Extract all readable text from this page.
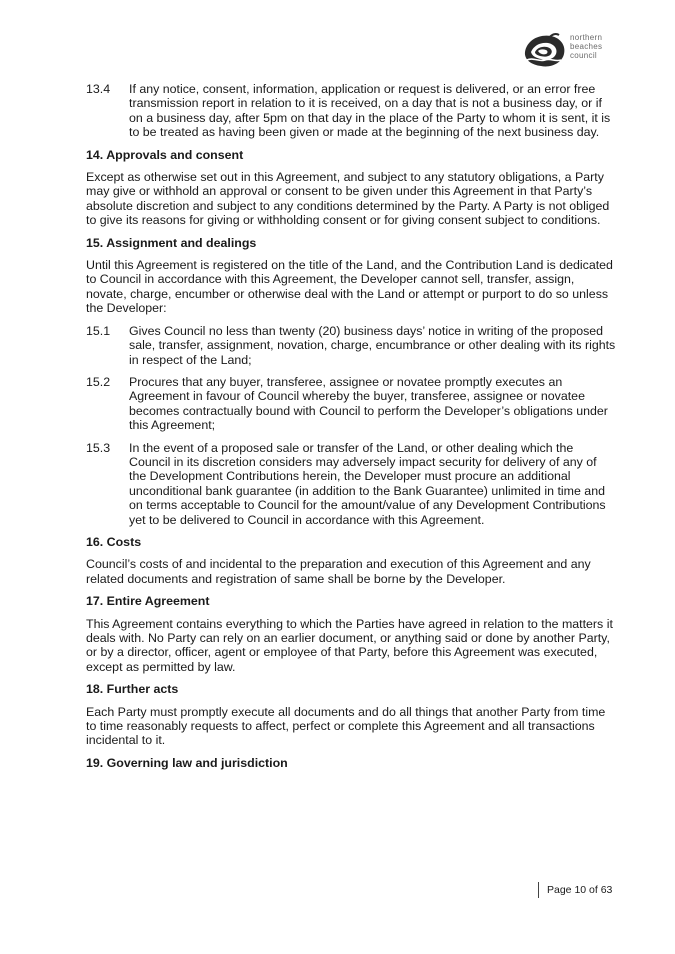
northern
beaches
council
13.4	If any notice, consent, information, application or request is delivered, or an error free transmission report in relation to it is received, on a day that is not a business day, or if on a business day, after 5pm on that day in the place of the Party to whom it is sent, it is to be treated as having been given or made at the beginning of the next business day.
14. Approvals and consent

Except as otherwise set out in this Agreement, and subject to any statutory obligations, a Party may give or withhold an approval or consent to be given under this Agreement in that Party’s absolute discretion and subject to any conditions determined by the Party. A Party is not obliged to give its reasons for giving or withholding consent or for giving consent subject to conditions.

15. Assignment and dealings

Until this Agreement is registered on the title of the Land, and the Contribution Land is dedicated to Council in accordance with this Agreement, the Developer cannot sell, transfer, assign, novate, charge, encumber or otherwise deal with the Land or attempt or purport to do so unless the Developer:

15.1	Gives Council no less than twenty (20) business days’ notice in writing of the proposed sale, transfer, assignment, novation, charge, encumbrance or other dealing with its rights in respect of the Land;
15.2	Procures that any buyer, transferee, assignee or novatee promptly executes an Agreement in favour of Council whereby the buyer, transferee, assignee or novatee becomes contractually bound with Council to perform the Developer’s obligations under this Agreement;
15.3	In the event of a proposed sale or transfer of the Land, or other dealing which the Council in its discretion considers may adversely impact security for delivery of any of the Development Contributions herein, the Developer must procure an additional unconditional bank guarantee (in addition to the Bank Guarantee) unlimited in time and on terms acceptable to Council for the amount/value of any Development Contributions yet to be delivered to Council in accordance with this Agreement.
16. Costs

Council’s costs of and incidental to the preparation and execution of this Agreement and any related documents and registration of same shall be borne by the Developer.

17. Entire Agreement

This Agreement contains everything to which the Parties have agreed in relation to the matters it deals with. No Party can rely on an earlier document, or anything said or done by another Party, or by a director, officer, agent or employee of that Party, before this Agreement was executed, except as permitted by law.

18. Further acts

Each Party must promptly execute all documents and do all things that another Party from time to time reasonably requests to affect, perfect or complete this Agreement and all transactions incidental to it.

19. Governing law and jurisdiction
Page 10 of 63
